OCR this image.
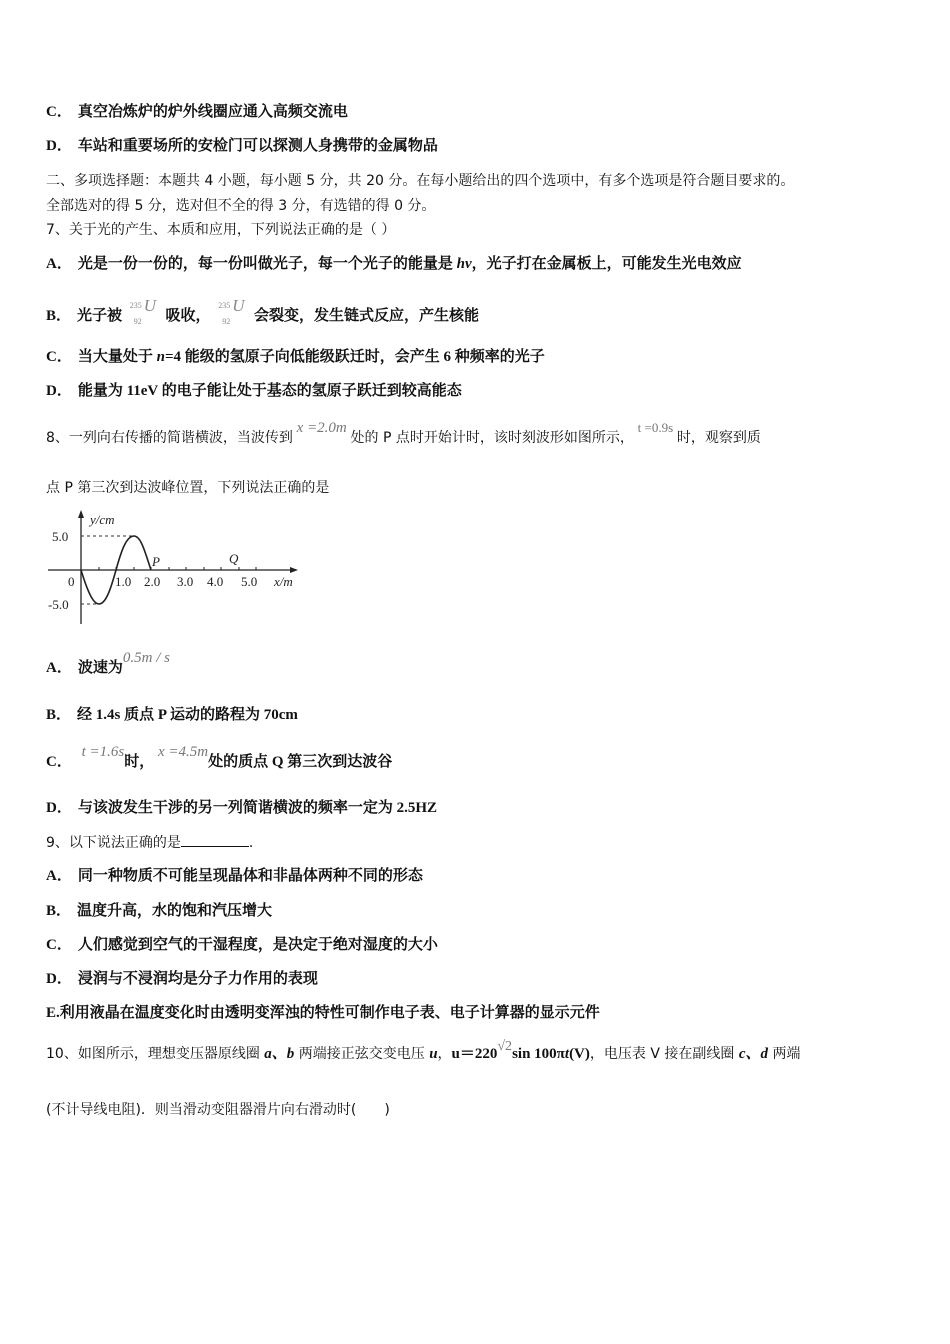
C． 真空冶炼炉的炉外线圈应通入高频交流电
D． 车站和重要场所的安检门可以探测人身携带的金属物品
二、多项选择题：本题共 4 小题，每小题 5 分，共 20 分。在每小题给出的四个选项中，有多个选项是符合题目要求的。
全部选对的得 5 分，选对但不全的得 3 分，有选错的得 0 分。
7、关于光的产生、本质和应用，下列说法正确的是（ ）
A． 光是一份一份的，每一份叫做光子，每一个光子的能量是 hν，光子打在金属板上，可能发生光电效应
B． 光子被
235
92
U
吸收，
235
92
U
会裂变，发生链式反应，产生核能
C． 当大量处于 n=4 能级的氢原子向低能级跃迁时，会产生 6 种频率的光子
D． 能量为 11eV 的电子能让处于基态的氢原子跃迁到较高能态
8、一列向右传播的简谐横波，当波传到 x =2.0m 处的 P 点时开始计时，该时刻波形如图所示， t =0.9s 时，观察到质
点 P 第三次到达波峰位置，下列说法正确的是
y/cm
5.0
-5.0
0	1.0 2.0 3.0 4.0 5.0 x/m
P	Q
A． 波速为0.5m / s
B． 经 1.4s 质点 P 运动的路程为 70cm
C． t =1.6s时， x =4.5m处的质点 Q 第三次到达波谷
D． 与该波发生干涉的另一列简谐横波的频率一定为 2.5HZ
9、以下说法正确的是	.
A． 同一种物质不可能呈现晶体和非晶体两种不同的形态
B． 温度升高，水的饱和汽压增大
C． 人们感觉到空气的干湿程度，是决定于绝对湿度的大小
D． 浸润与不浸润均是分子力作用的表现
E.利用液晶在温度变化时由透明变浑浊的特性可制作电子表、电子计算器的显示元件
10、如图所示，理想变压器原线圈 a、b 两端接正弦交变电压 u，u＝220√2sin 100πt(V)，电压表 V 接在副线圈 c、d 两端
(不计导线电阻)．则当滑动变阻器滑片向右滑动时(　　)
